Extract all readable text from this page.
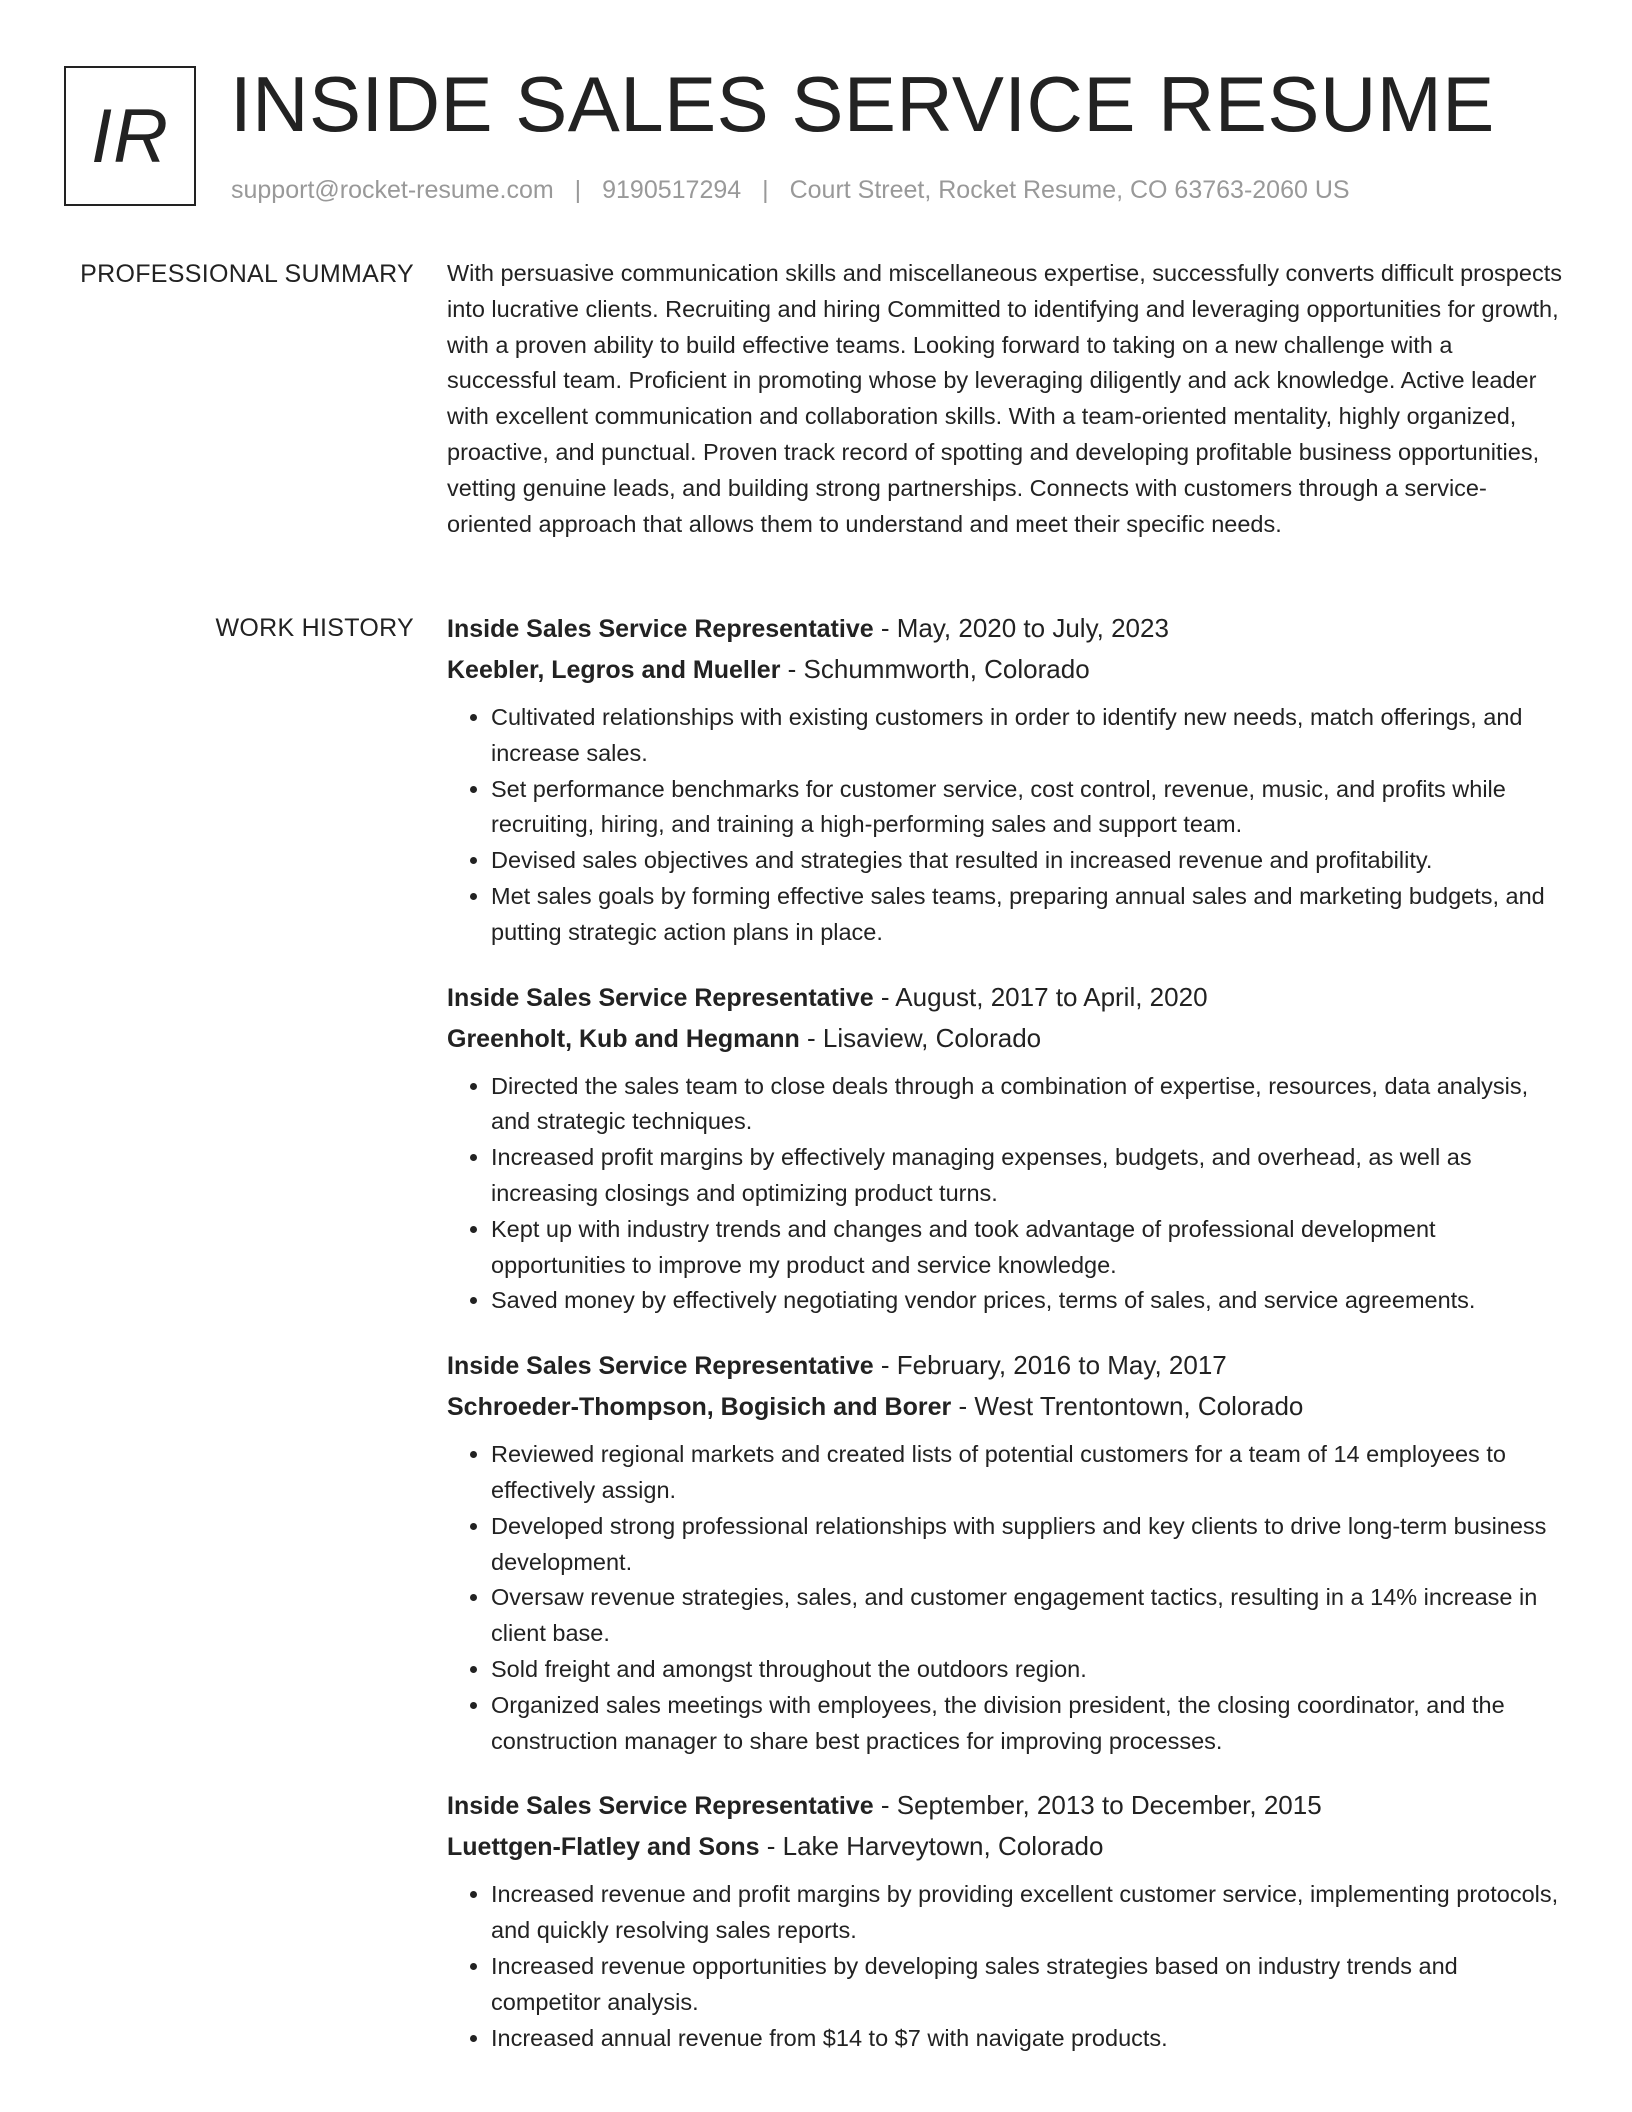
IR INSIDE SALES SERVICE RESUME
support@rocket-resume.com | 9190517294 | Court Street, Rocket Resume, CO 63763-2060 US
PROFESSIONAL SUMMARY With persuasive communication skills and miscellaneous expertise, successfully converts difficult prospects into lucrative clients. Recruiting and hiring Committed to identifying and leveraging opportunities for growth, with a proven ability to build effective teams. Looking forward to taking on a new challenge with a successful team. Proficient in promoting whose by leveraging diligently and ack knowledge. Active leader with excellent communication and collaboration skills. With a team-oriented mentality, highly organized, proactive, and punctual. Proven track record of spotting and developing profitable business opportunities, vetting genuine leads, and building strong partnerships. Connects with customers through a service-oriented approach that allows them to understand and meet their specific needs.

WORK HISTORY Inside Sales Service Representative - May, 2020 to July, 2023
Keebler, Legros and Mueller - Schummworth, Colorado
• Cultivated relationships with existing customers in order to identify new needs, match offerings, and increase sales.
• Set performance benchmarks for customer service, cost control, revenue, music, and profits while recruiting, hiring, and training a high-performing sales and support team.
• Devised sales objectives and strategies that resulted in increased revenue and profitability.
• Met sales goals by forming effective sales teams, preparing annual sales and marketing budgets, and putting strategic action plans in place.
Inside Sales Service Representative - August, 2017 to April, 2020
Greenholt, Kub and Hegmann - Lisaview, Colorado
• Directed the sales team to close deals through a combination of expertise, resources, data analysis, and strategic techniques.
• Increased profit margins by effectively managing expenses, budgets, and overhead, as well as increasing closings and optimizing product turns.
• Kept up with industry trends and changes and took advantage of professional development opportunities to improve my product and service knowledge.
• Saved money by effectively negotiating vendor prices, terms of sales, and service agreements.
Inside Sales Service Representative - February, 2016 to May, 2017
Schroeder-Thompson, Bogisich and Borer - West Trentontown, Colorado
• Reviewed regional markets and created lists of potential customers for a team of 14 employees to effectively assign.
• Developed strong professional relationships with suppliers and key clients to drive long-term business development.
• Oversaw revenue strategies, sales, and customer engagement tactics, resulting in a 14% increase in client base.
• Sold freight and amongst throughout the outdoors region.
• Organized sales meetings with employees, the division president, the closing coordinator, and the construction manager to share best practices for improving processes.
Inside Sales Service Representative - September, 2013 to December, 2015
Luettgen-Flatley and Sons - Lake Harveytown, Colorado
• Increased revenue and profit margins by providing excellent customer service, implementing protocols, and quickly resolving sales reports.
• Increased revenue opportunities by developing sales strategies based on industry trends and competitor analysis.
• Increased annual revenue from $14 to $7 with navigate products.
